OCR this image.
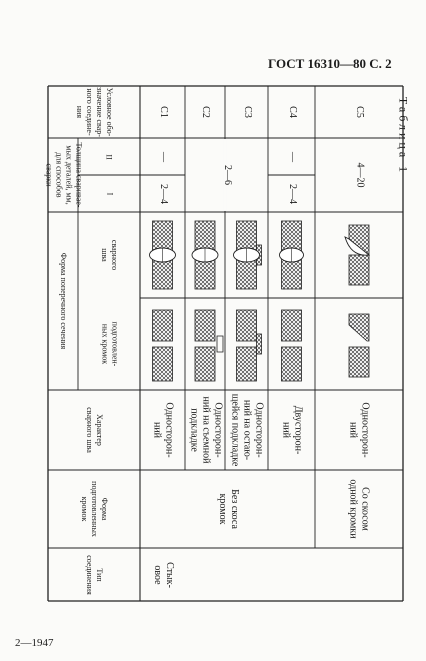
ГОСТ 16310—80 С. 2
Таблица 1
2—1947
Условное обо-
значение свар-
ного соедине-
ния
Толщина сваривае-
мых деталей, мм,
для способов
сварки
II
I
Форма поперечного сечения	сварного
шва
подготовлен-
ных кромок
Характер
сварного шва
Форма
подготовленных
кромок
Тип
соединения
С1
Односторон-
ний
2—4
—
С2
Односторон-
ний на съемной
подкладке
С3
Односторон-
ний на остаю-
щейся подкладке
С4
Двусторон-
ний
2—4
—
С5
Односторон-
ний
4—20
2—6
Без скоса
кромок	Со скосом
одной кромки
Стык-
овое
